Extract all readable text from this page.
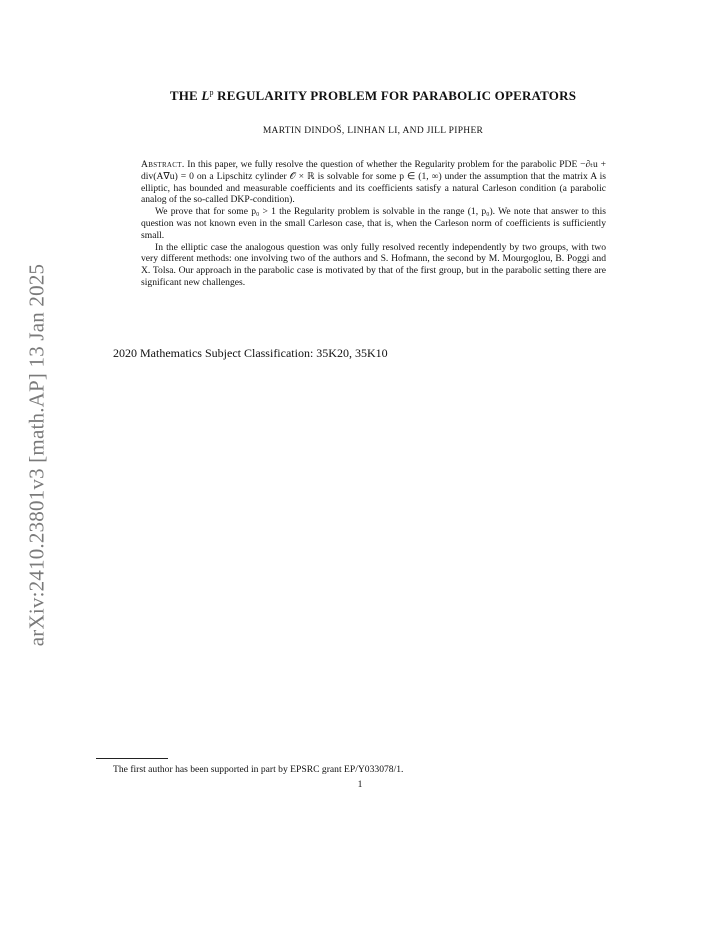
arXiv:2410.23801v3 [math.AP] 13 Jan 2025
THE $L^p$ REGULARITY PROBLEM FOR PARABOLIC OPERATORS
MARTIN DINDOŠ, LINHAN LI, AND JILL PIPHER

Abstract. In this paper, we fully resolve the question of whether the Regularity problem for the parabolic PDE −∂ₜu + div(A∇u) = 0 on a Lipschitz cylinder 𝒪 × ℝ is solvable for some p ∈ (1, ∞) under the assumption that the matrix A is elliptic, has bounded and measurable coefficients and its coefficients satisfy a natural Carleson condition (a parabolic analog of the so-called DKP-condition).

We prove that for some p₀ > 1 the Regularity problem is solvable in the range (1, p₀). We note that answer to this question was not known even in the small Carleson case, that is, when the Carleson norm of coefficients is sufficiently small.

In the elliptic case the analogous question was only fully resolved recently independently by two groups, with two very different methods: one involving two of the authors and S. Hofmann, the second by M. Mourgoglou, B. Poggi and X. Tolsa. Our approach in the parabolic case is motivated by that of the first group, but in the parabolic setting there are significant new challenges.

2020 Mathematics Subject Classification: 35K20, 35K10
The first author has been supported in part by EPSRC grant EP/Y033078/1.
1
